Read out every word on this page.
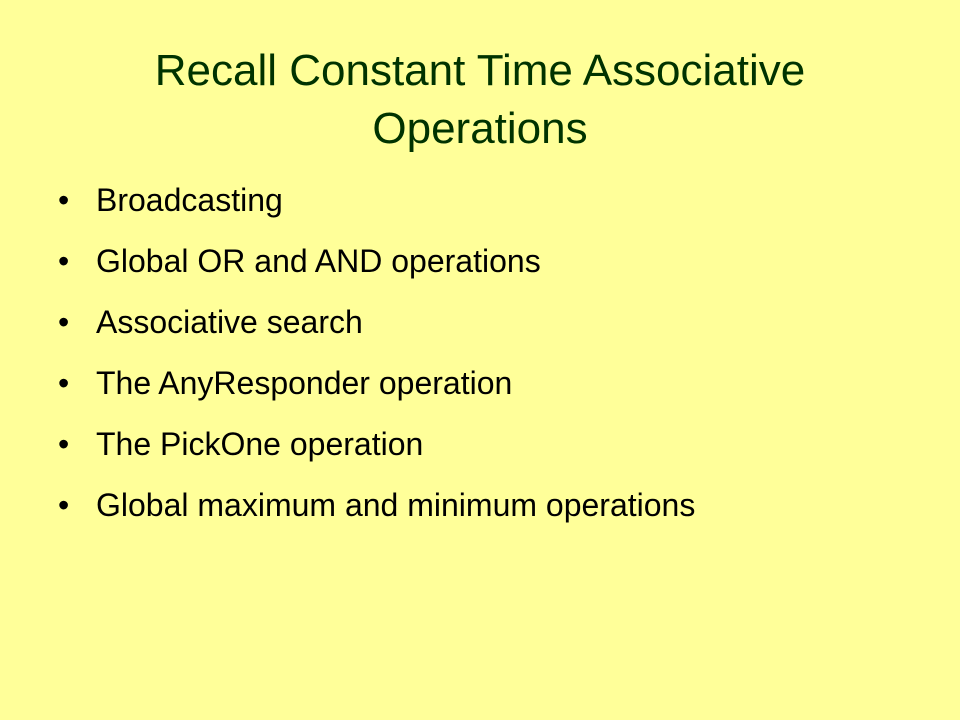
Recall Constant Time Associative Operations
• Broadcasting
• Global OR and AND operations
• Associative search
• The AnyResponder operation
• The PickOne operation
• Global maximum and minimum operations
